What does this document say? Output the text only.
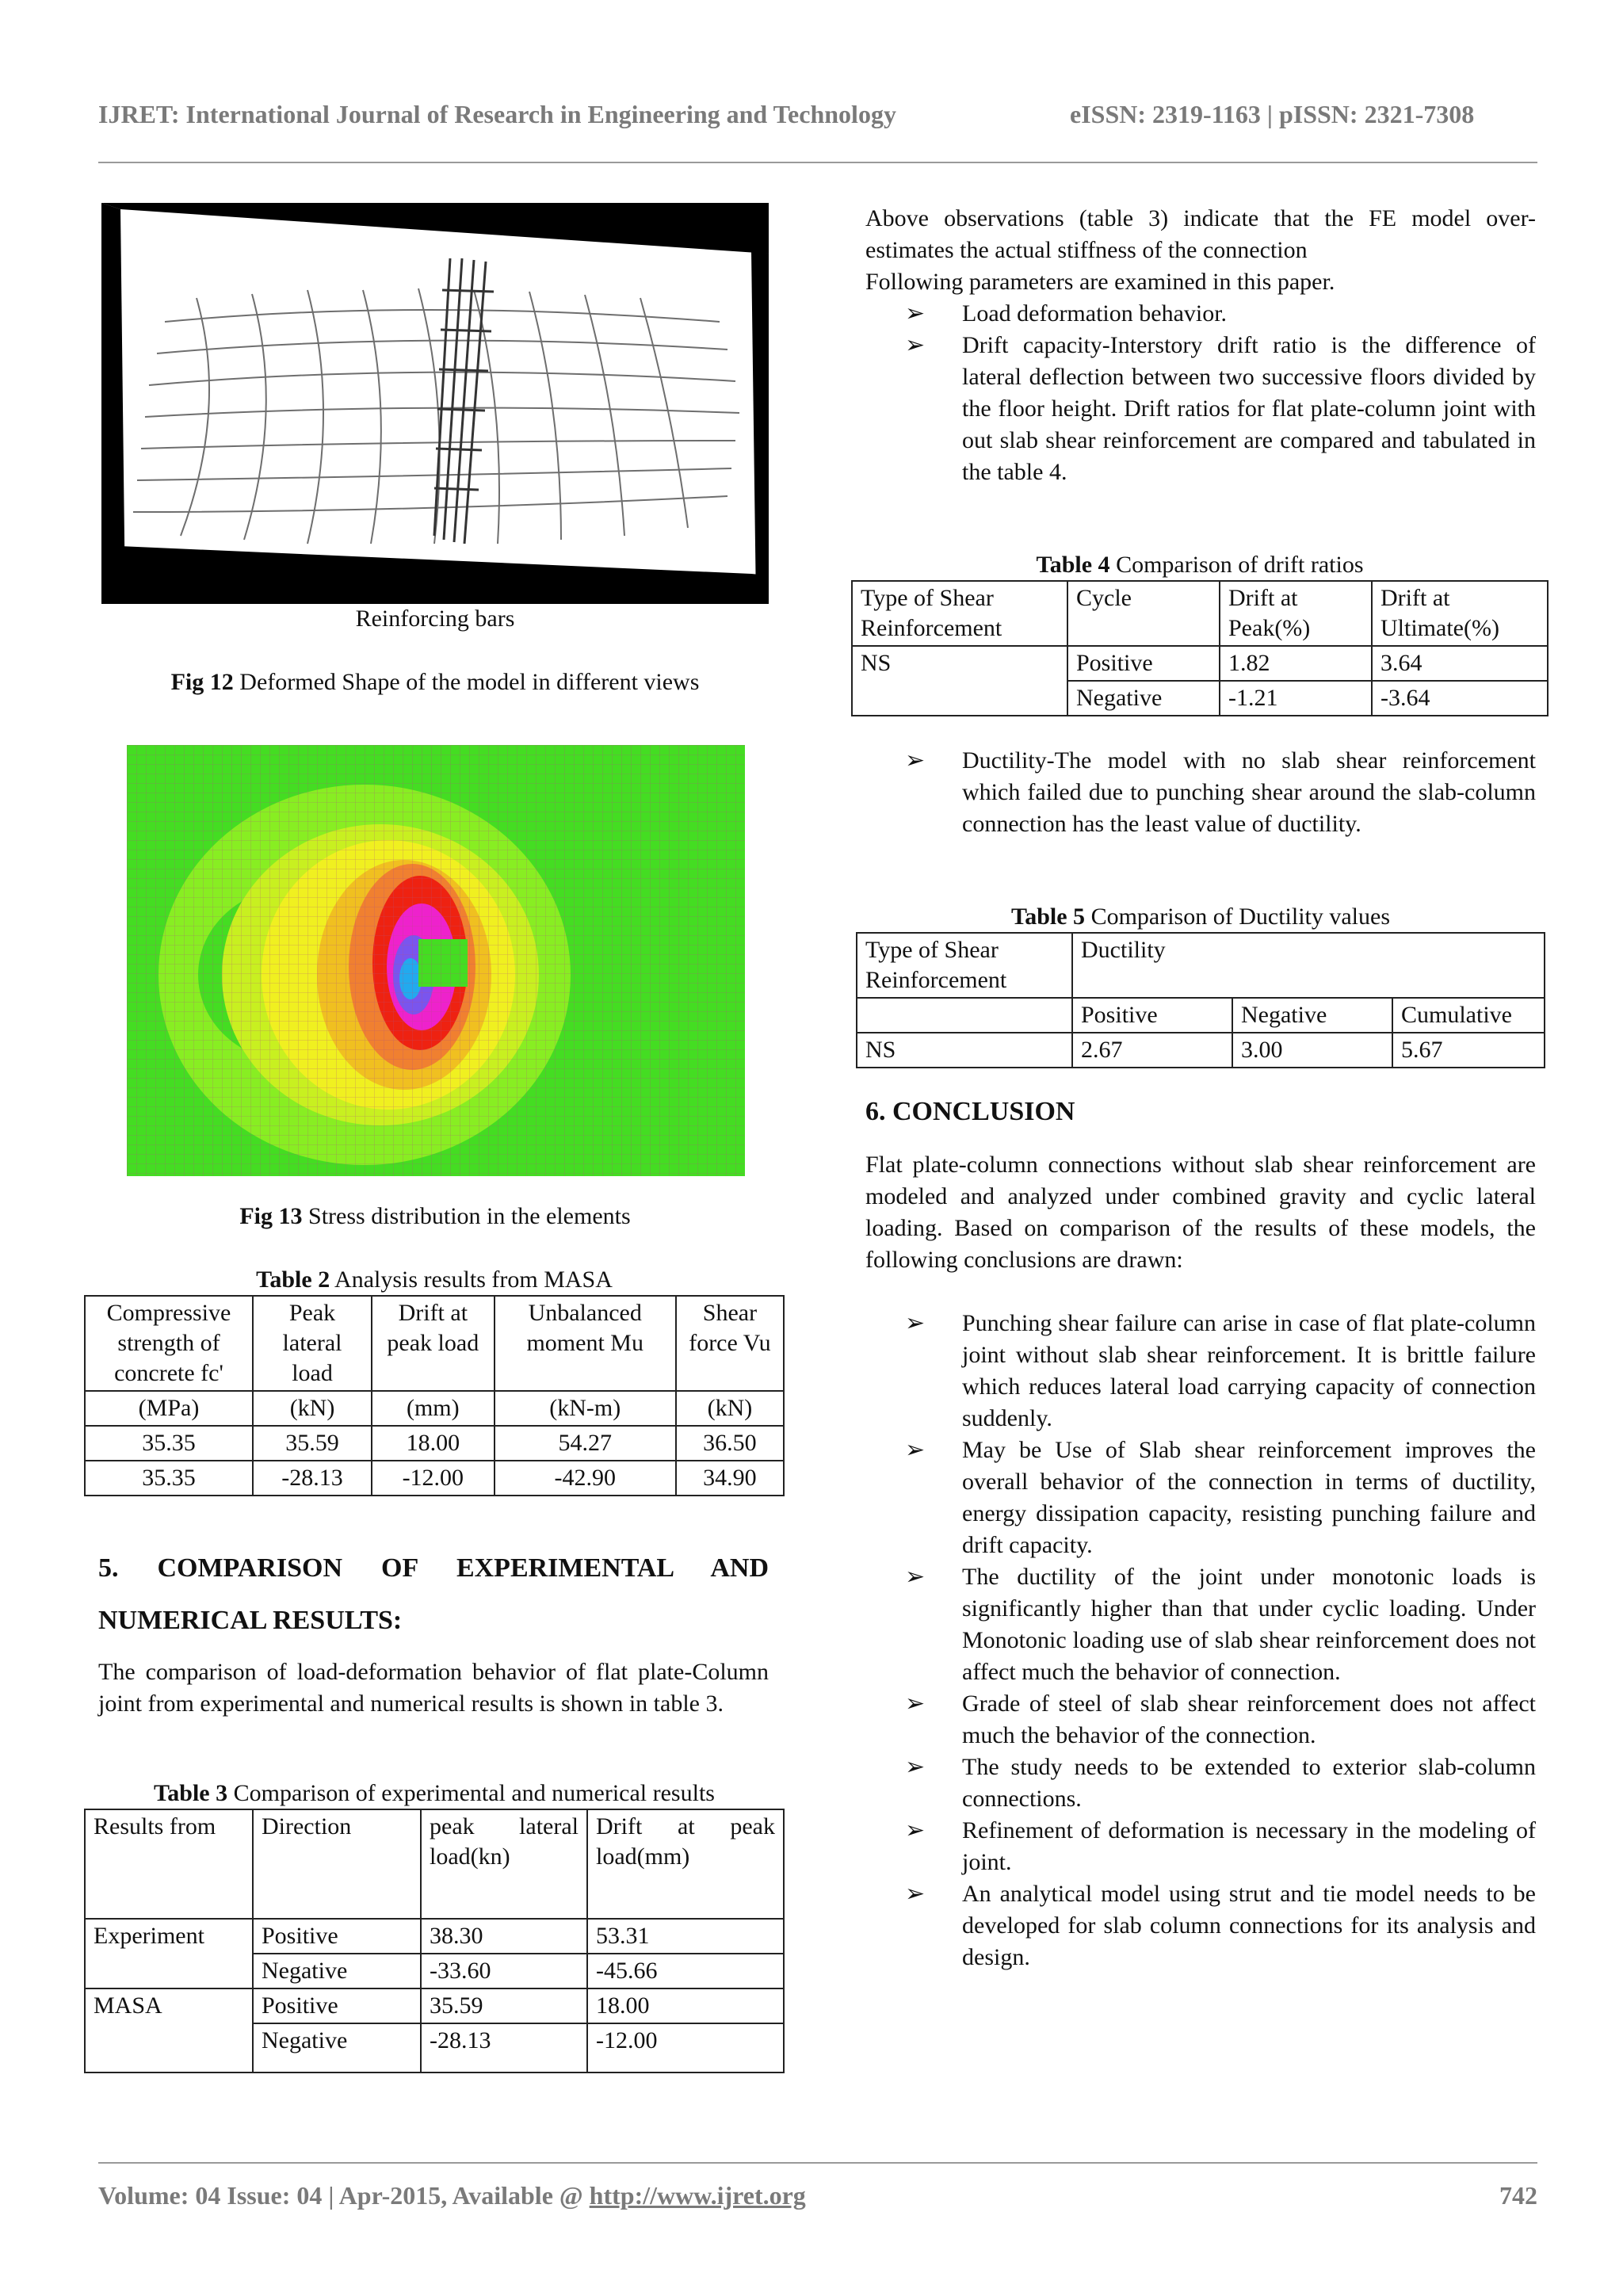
IJRET: International Journal of Research in Engineering and Technology	eISSN: 2319-1163 | pISSN: 2321-7308
Reinforcing bars
Fig 12 Deformed Shape of the model in different views
Fig 13 Stress distribution in the elements
Table 2 Analysis results from MASA
Compressive strength of concrete fc'	Peak lateral load	Drift at peak load	Unbalanced moment Mu	Shear force Vu
(MPa)	(kN)	(mm)	(kN-m)	(kN)
35.35	35.59	18.00	54.27	36.50
35.35	-28.13	-12.00	-42.90	34.90
5. COMPARISON OF EXPERIMENTAL AND
NUMERICAL RESULTS:
The comparison of load-deformation behavior of flat plate-Column joint from experimental and numerical results is shown in table 3.
Table 3 Comparison of experimental and numerical results
Results from	Direction	peak lateral load(kn)	Drift at peak load(mm)
Experiment	Positive	38.30	53.31
	Negative	-33.60	-45.66
MASA	Positive	35.59	18.00
	Negative	-28.13	-12.00
Above observations (table 3) indicate that the FE model over-estimates the actual stiffness of the connection
Following parameters are examined in this paper.
➢ Load deformation behavior.
➢ Drift capacity-Interstory drift ratio is the difference of lateral deflection between two successive floors divided by the floor height. Drift ratios for flat plate-column joint with out slab shear reinforcement are compared and tabulated in the table 4.
Table 4 Comparison of drift ratios
Type of Shear Reinforcement	Cycle	Drift at Peak(%)	Drift at Ultimate(%)
NS	Positive	1.82	3.64
	Negative	-1.21	-3.64
➢ Ductility-The model with no slab shear reinforcement which failed due to punching shear around the slab-column connection has the least value of ductility.
Table 5 Comparison of Ductility values
Type of Shear Reinforcement	Ductility		
	Positive	Negative	Cumulative
NS	2.67	3.00	5.67
6. CONCLUSION
Flat plate-column connections without slab shear reinforcement are modeled and analyzed under combined gravity and cyclic lateral loading. Based on comparison of the results of these models, the following conclusions are drawn:
➢ Punching shear failure can arise in case of flat plate-column joint without slab shear reinforcement. It is brittle failure which reduces lateral load carrying capacity of connection suddenly.
➢ May be Use of Slab shear reinforcement improves the overall behavior of the connection in terms of ductility, energy dissipation capacity, resisting punching failure and drift capacity.
➢ The ductility of the joint under monotonic loads is significantly higher than that under cyclic loading. Under Monotonic loading use of slab shear reinforcement does not affect much the behavior of connection.
➢ Grade of steel of slab shear reinforcement does not affect much the behavior of the connection.
➢ The study needs to be extended to exterior slab-column connections.
➢ Refinement of deformation is necessary in the modeling of joint.
➢ An analytical model using strut and tie model needs to be developed for slab column connections for its analysis and design.
Volume: 04 Issue: 04 | Apr-2015, Available @ http://www.ijret.org	742
